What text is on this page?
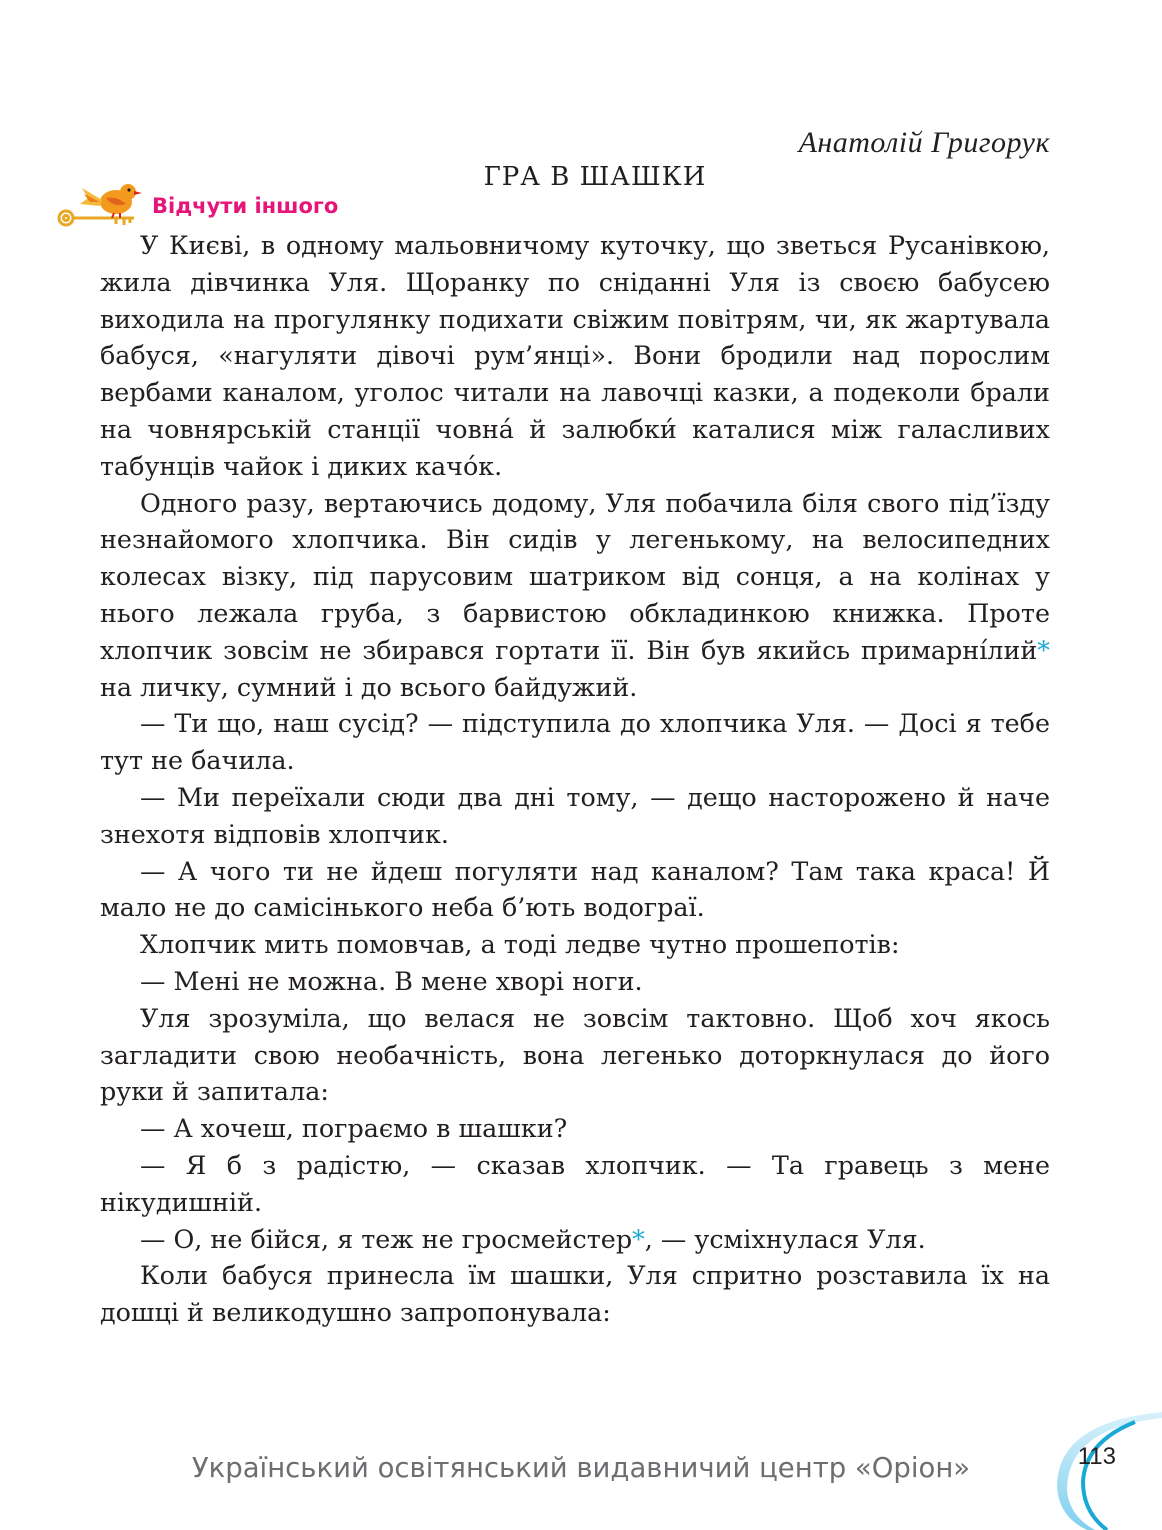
Анатолій Григорук
ГРА В ШАШКИ
Відчути іншого

У Києві, в одному мальовничому куточку, що зветься Русанівкою, жила дівчинка Уля. Щоранку по сніданні Уля із своєю бабусею виходила на прогулянку подихати свіжим повітрям, чи, як жартувала бабуся, «нагуляти дівочі рум’янці». Вони бродили над порослим вербами каналом, уголос читали на лавочці казки, а подеколи брали на човнярській станції човна́ й залюбки́ каталися між галасливих табунців чайок і диких качо́к.

Одного разу, вертаючись додому, Уля побачила біля свого під’їзду незнайомого хлопчика. Він сидів у легенькому, на велосипедних колесах візку, під парусовим шатриком від сонця, а на колінах у нього лежала груба, з барвистою обкладинкою книжка. Проте хлопчик зовсім не збирався гортати її. Він був якийсь примарні́лий* на личку, сумний і до всього байдужий.

— Ти що, наш сусід? — підступила до хлопчика Уля. — Досі я тебе тут не бачила.

— Ми переїхали сюди два дні тому, — дещо насторожено й наче знехотя відповів хлопчик.

— А чого ти не йдеш погуляти над каналом? Там така краса! Й мало не до самісінького неба б’ють водограї.

Хлопчик мить помовчав, а тоді ледве чутно прошепотів:

— Мені не можна. В мене хворі ноги.

Уля зрозуміла, що велася не зовсім тактовно. Щоб хоч якось загладити свою необачність, вона легенько доторкнулася до його руки й запитала:

— А хочеш, пограємо в шашки?

— Я б з радістю, — сказав хлопчик. — Та гравець з мене нікудишній.

— О, не бійся, я теж не гросмейстер*, — усміхнулася Уля.

Коли бабуся принесла їм шашки, Уля спритно розставила їх на дошці й великодушно запропонувала:

Український освітянський видавничий центр «Оріон»	113
